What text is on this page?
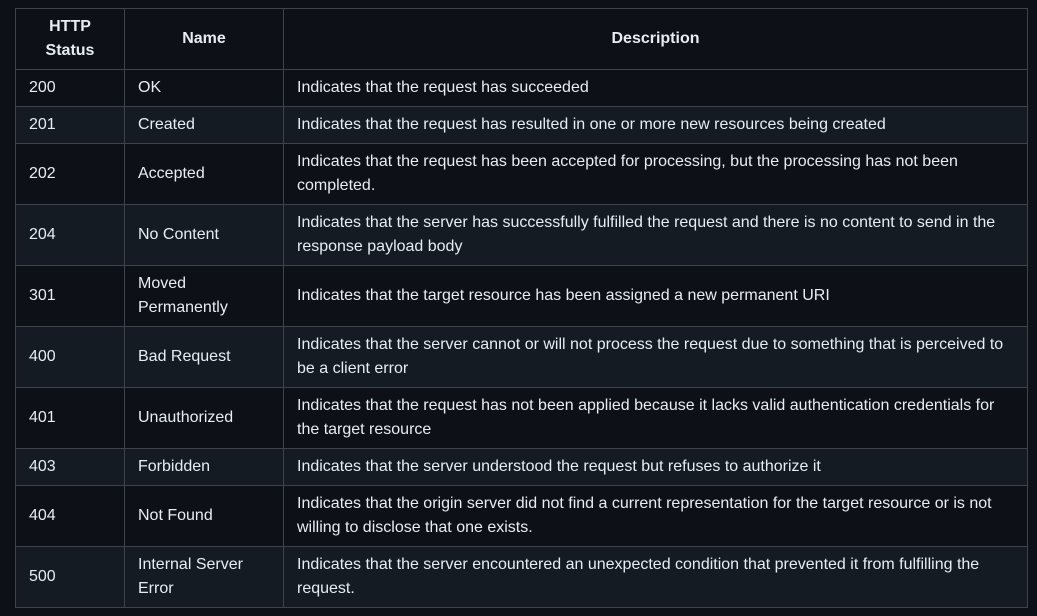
HTTP Status	Name	Description
200	OK	Indicates that the request has succeeded
201	Created	Indicates that the request has resulted in one or more new resources being created
202	Accepted	Indicates that the request has been accepted for processing, but the processing has not been completed.
204	No Content	Indicates that the server has successfully fulfilled the request and there is no content to send in the response payload body
301	Moved Permanently	Indicates that the target resource has been assigned a new permanent URI
400	Bad Request	Indicates that the server cannot or will not process the request due to something that is perceived to be a client error
401	Unauthorized	Indicates that the request has not been applied because it lacks valid authentication credentials for the target resource
403	Forbidden	Indicates that the server understood the request but refuses to authorize it
404	Not Found	Indicates that the origin server did not find a current representation for the target resource or is not willing to disclose that one exists.
500	Internal Server Error	Indicates that the server encountered an unexpected condition that prevented it from fulfilling the request.
